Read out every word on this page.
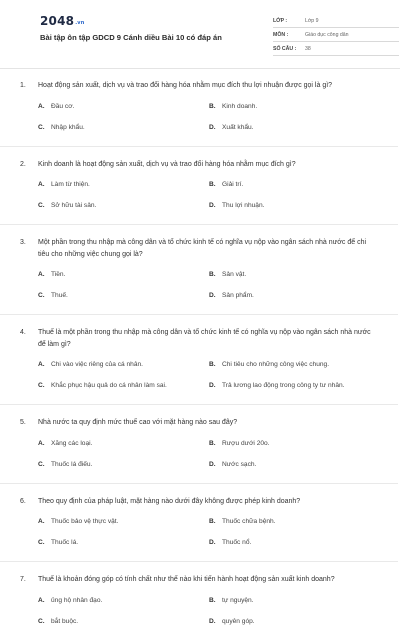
2048.vn
Bài tập ôn tập GDCD 9 Cánh diều Bài 10 có đáp án
LỚP :	Lớp 9
MÔN :	Giáo dục công dân
SỐ CÂU :	38
1.	Hoạt động sản xuất, dịch vụ và trao đổi hàng hóa nhằm mục đích thu lợi nhuận được gọi là gì?
A. Đầu cơ.	B. Kinh doanh.
C. Nhập khẩu.	D. Xuất khẩu.
2.	Kinh doanh là hoạt động sản xuất, dịch vụ và trao đổi hàng hóa nhằm mục đích gì?
A. Làm từ thiện.	B. Giải trí.
C. Sở hữu tài sản.	D. Thu lợi nhuận.
3.	Một phần trong thu nhập mà công dân và tổ chức kinh tế có nghĩa vụ nộp vào ngân sách nhà nước để chi tiêu cho những việc chung gọi là?
A. Tiền.	B. Sản vật.
C. Thuế.	D. Sản phẩm.
4.	Thuế là một phần trong thu nhập mà công dân và tổ chức kinh tế có nghĩa vụ nộp vào ngân sách nhà nước để làm gì?
A. Chi vào việc riêng của cá nhân.	B. Chi tiêu cho những công việc chung.
C. Khắc phục hậu quả do cá nhân làm sai.	D. Trả lương lao động trong công ty tư nhân.
5.	Nhà nước ta quy định mức thuế cao với mặt hàng nào sau đây?
A. Xăng các loại.	B. Rượu dưới 20o.
C. Thuốc lá điếu.	D. Nước sạch.
6.	Theo quy định của pháp luật, mặt hàng nào dưới đây không được phép kinh doanh?
A. Thuốc bảo vệ thực vật.	B. Thuốc chữa bệnh.
C. Thuốc lá.	D. Thuốc nổ.
7.	Thuế là khoản đóng góp có tính chất như thế nào khi tiến hành hoạt động sản xuất kinh doanh?
A. ủng hộ nhân đạo.	B. tự nguyện.
C. bắt buộc.	D. quyên góp.
